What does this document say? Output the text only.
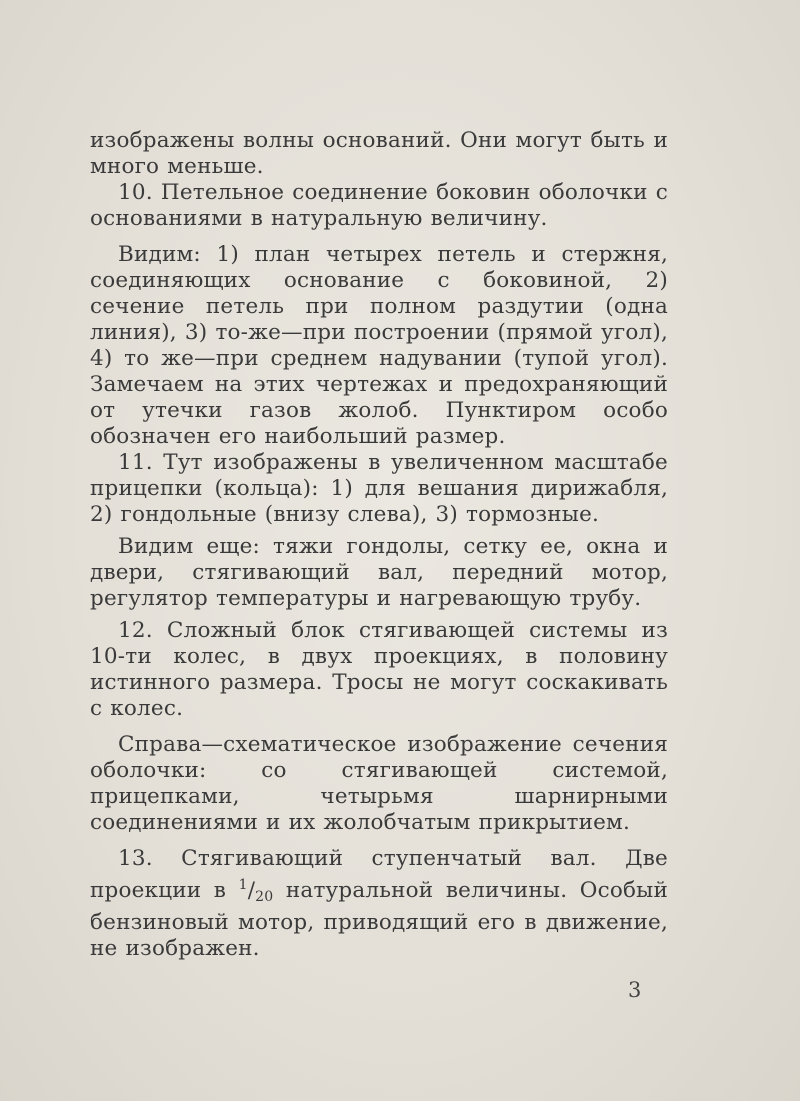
изображены волны оснований. Они могут быть и много меньше.

10. Петельное соединение боковин оболочки с основаниями в натуральную величину.

Видим: 1) план четырех петель и стержня, соединяющих основание с боковиной, 2) сечение петель при полном раздутии (одна линия), 3) то-же—при построении (прямой угол), 4) то же—при среднем надувании (тупой угол). Замечаем на этих чертежах и предохраняющий от утечки газов жолоб. Пунктиром особо обозначен его наибольший размер.

11. Тут изображены в увеличенном масштабе прицепки (кольца): 1) для вешания дирижабля, 2) гондольные (внизу слева), 3) тормозные.

Видим еще: тяжи гондолы, сетку ее, окна и двери, стягивающий вал, передний мотор, регулятор температуры и нагревающую трубу.

12. Сложный блок стягивающей системы из 10-ти колес, в двух проекциях, в половину истинного размера. Тросы не могут соскакивать с колес.

Справа—схематическое изображение сечения оболочки: со стягивающей системой, прицепками, четырьмя шарнирными соединениями и их жолобчатым прикрытием.

13. Стягивающий ступенчатый вал. Две проекции в $^1/_{20}$ натуральной величины. Особый бензиновый мотор, приводящий его в движение, не изображен.

3
